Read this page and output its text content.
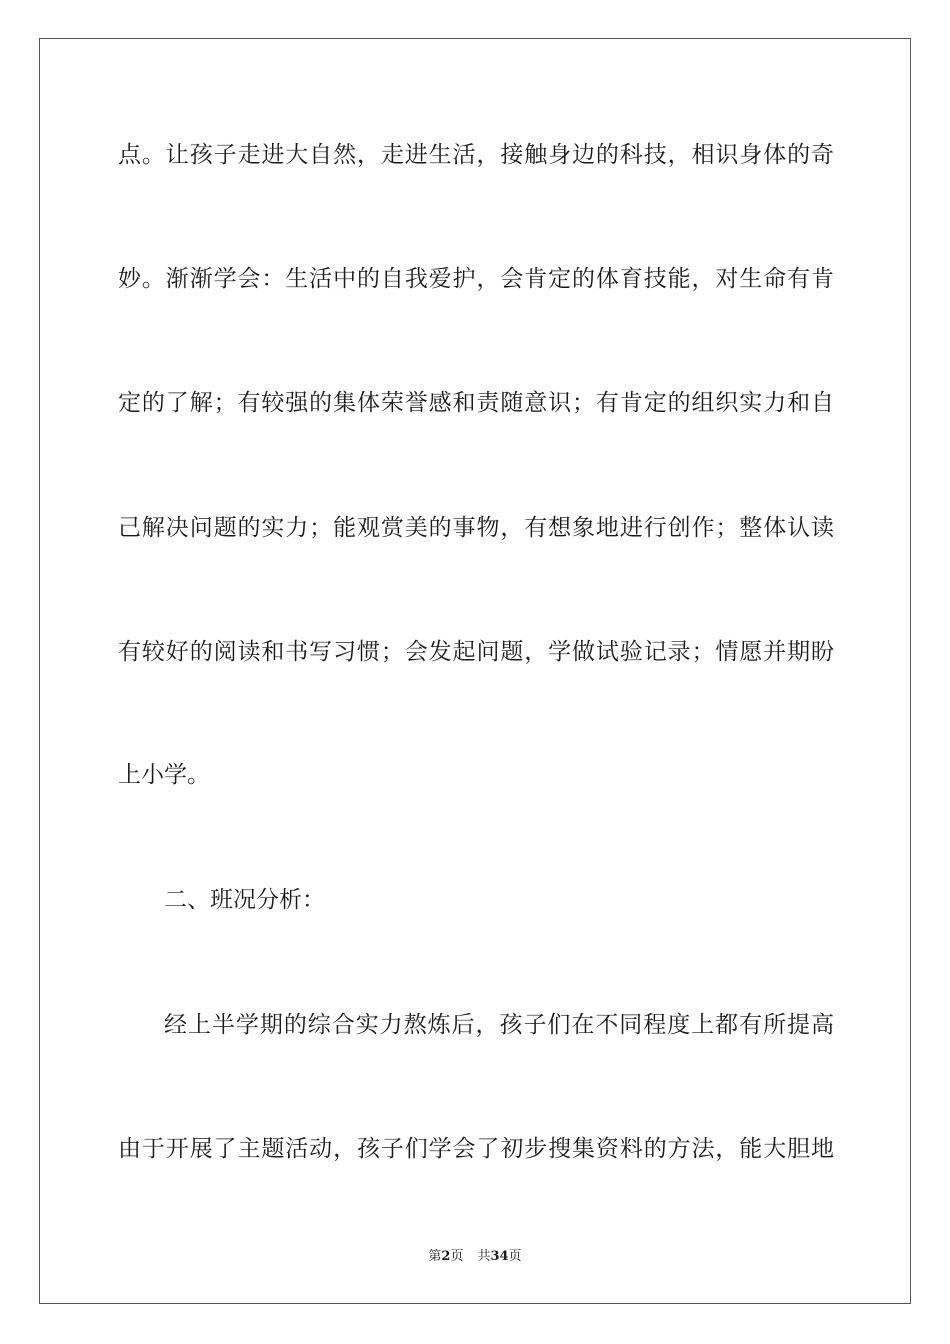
点。让孩子走进大自然，走进生活，接触身边的科技，相识身体的奇
妙。渐渐学会：生活中的自我爱护，会肯定的体育技能，对生命有肯
定的了解；有较强的集体荣誉感和责随意识；有肯定的组织实力和自
己解决问题的实力；能观赏美的事物，有想象地进行创作；整体认读
有较好的阅读和书写习惯；会发起问题，学做试验记录；情愿并期盼
上小学。
二、班况分析：
经上半学期的综合实力熬炼后，孩子们在不同程度上都有所提高
由于开展了主题活动，孩子们学会了初步搜集资料的方法，能大胆地
第2页 共34页
